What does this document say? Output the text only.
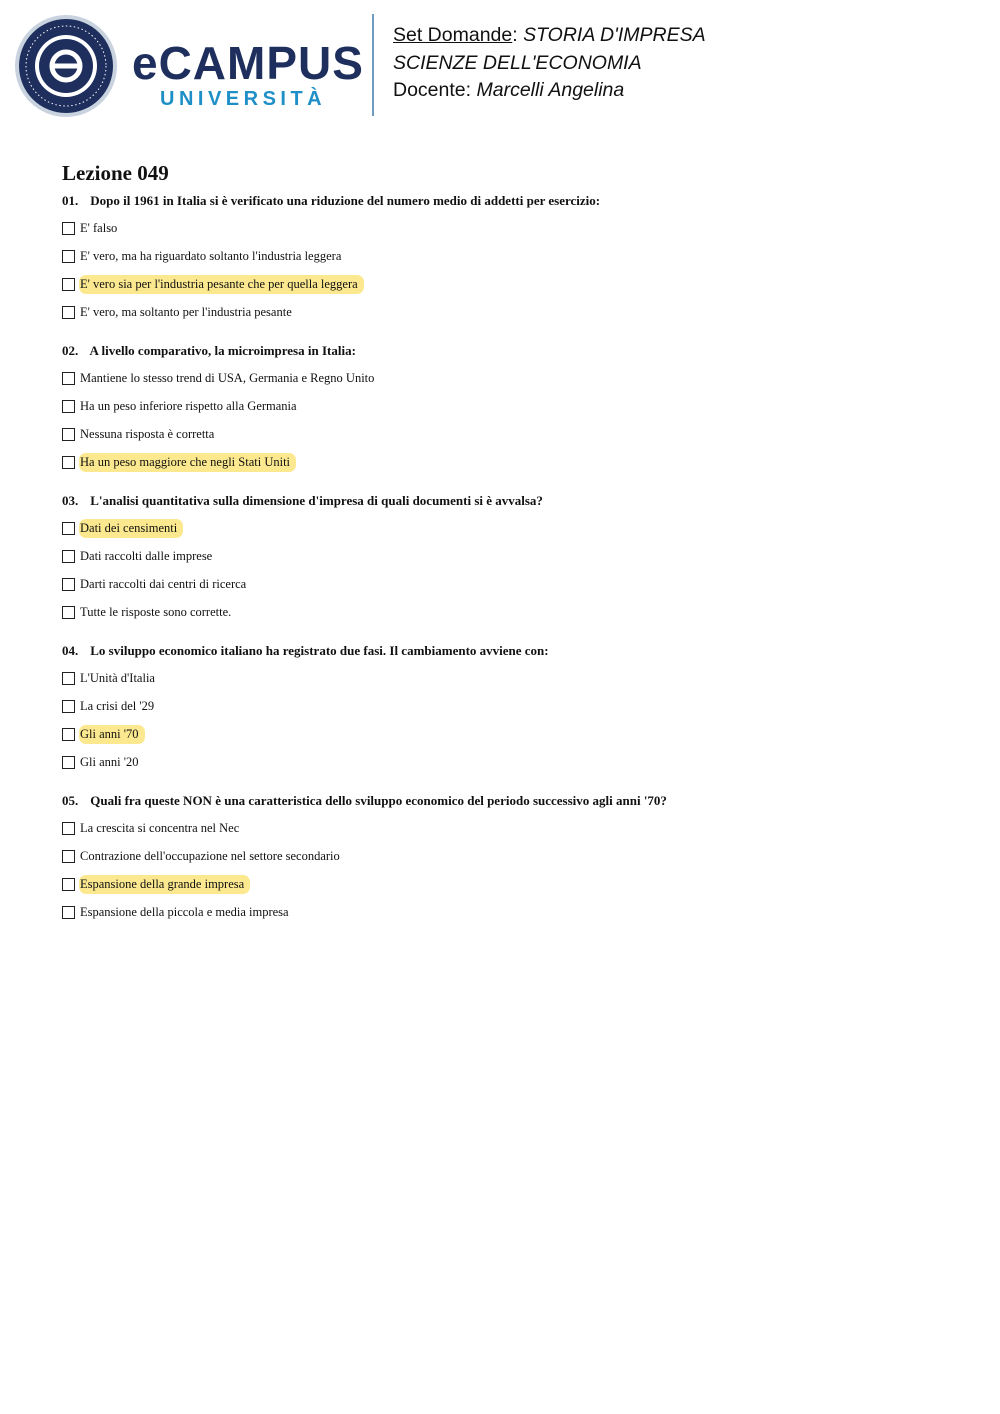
eCAMPUS
UNIVERSITÀ
Set Domande: STORIA D'IMPRESA
SCIENZE DELL'ECONOMIA
Docente: Marcelli Angelina
Lezione 049
01. Dopo il 1961 in Italia si è verificato una riduzione del numero medio di addetti per esercizio:
E' falso
E' vero, ma ha riguardato soltanto l'industria leggera
E' vero sia per l'industria pesante che per quella leggera
E' vero, ma soltanto per l'industria pesante
02. A livello comparativo, la microimpresa in Italia:
Mantiene lo stesso trend di USA, Germania e Regno Unito
Ha un peso inferiore rispetto alla Germania
Nessuna risposta è corretta
Ha un peso maggiore che negli Stati Uniti
03. L'analisi quantitativa sulla dimensione d'impresa di quali documenti si è avvalsa?
Dati dei censimenti
Dati raccolti dalle imprese
Darti raccolti dai centri di ricerca
Tutte le risposte sono corrette.
04. Lo sviluppo economico italiano ha registrato due fasi. Il cambiamento avviene con:
L'Unità d'Italia
La crisi del '29
Gli anni '70
Gli anni '20
05. Quali fra queste NON è una caratteristica dello sviluppo economico del periodo successivo agli anni '70?
La crescita si concentra nel Nec
Contrazione dell'occupazione nel settore secondario
Espansione della grande impresa
Espansione della piccola e media impresa
